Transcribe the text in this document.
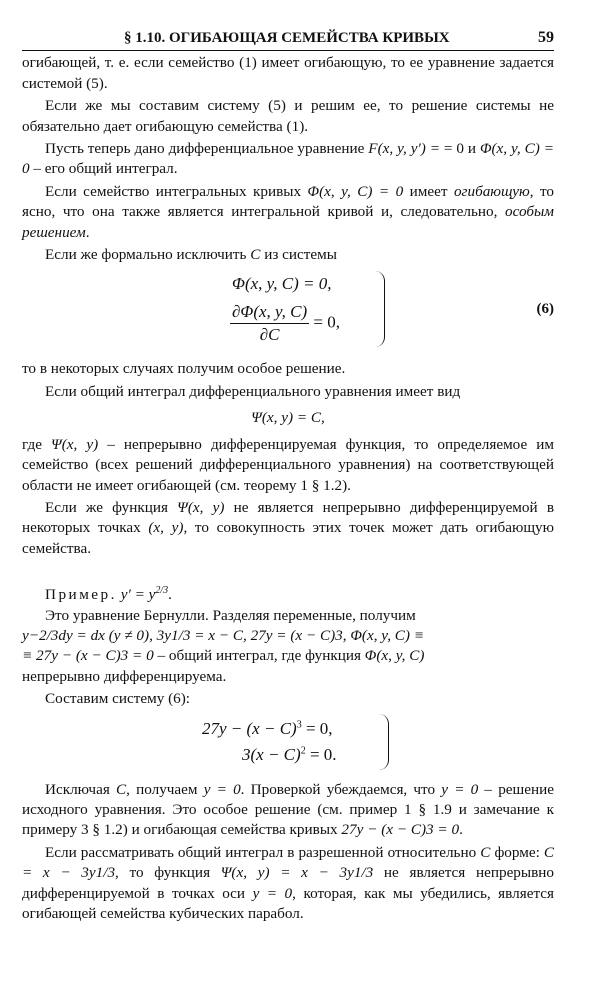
§ 1.10. ОГИБАЮЩАЯ СЕМЕЙСТВА КРИВЫХ	59

огибающей, т. е. если семейство (1) имеет огибающую, то ее уравнение задается системой (5).

Если же мы составим систему (5) и решим ее, то решение системы не обязательно дает огибающую семейства (1).

Пусть теперь дано дифференциальное уравнение F(x, y, y′) = = 0 и Φ(x, y, C) = 0 – его общий интеграл.

Если семейство интегральных кривых Φ(x, y, C) = 0 имеет огибающую, то ясно, что она также является интегральной кривой и, следовательно, особым решением.

Если же формально исключить C из системы

Φ(x, y, C) = 0,
$\frac{\partial\Phi(x, y, C)}{\partial C} = 0$,
(6)

то в некоторых случаях получим особое решение.

Если общий интеграл дифференциального уравнения имеет вид

Ψ(x, y) = C,

где Ψ(x, y) – непрерывно дифференцируемая функция, то определяемое им семейство (всех решений дифференциального уравнения) на соответствующей области не имеет огибающей (см. теорему 1 § 1.2).

Если же функция Ψ(x, y) не является непрерывно дифференцируемой в некоторых точках (x, y), то совокупность этих точек может дать огибающую семейства.

Пример. $y' = y^{2/3}$.

Это уравнение Бернулли. Разделяя переменные, получим

y−2/3dy = dx (y ≠ 0), 3y1/3 = x − C, 27y = (x − C)3, Φ(x, y, C) ≡

≡ 27y − (x − C)3 = 0 – общий интеграл, где функция Φ(x, y, C)

непрерывно дифференцируема.

Составим систему (6):

$27y - (x - C)^3 = 0$,
$3(x - C)^2 = 0$.

Исключая C, получаем y = 0. Проверкой убеждаемся, что y = 0 – решение исходного уравнения. Это особое решение (см. пример 1 § 1.9 и замечание к примеру 3 § 1.2) и огибающая семейства кривых 27y − (x − C)3 = 0.

Если рассматривать общий интеграл в разрешенной относительно C форме: C = x − 3y1/3, то функция Ψ(x, y) = x − 3y1/3 не является непрерывно дифференцируемой в точках оси y = 0, которая, как мы убедились, является огибающей семейства кубических парабол.
